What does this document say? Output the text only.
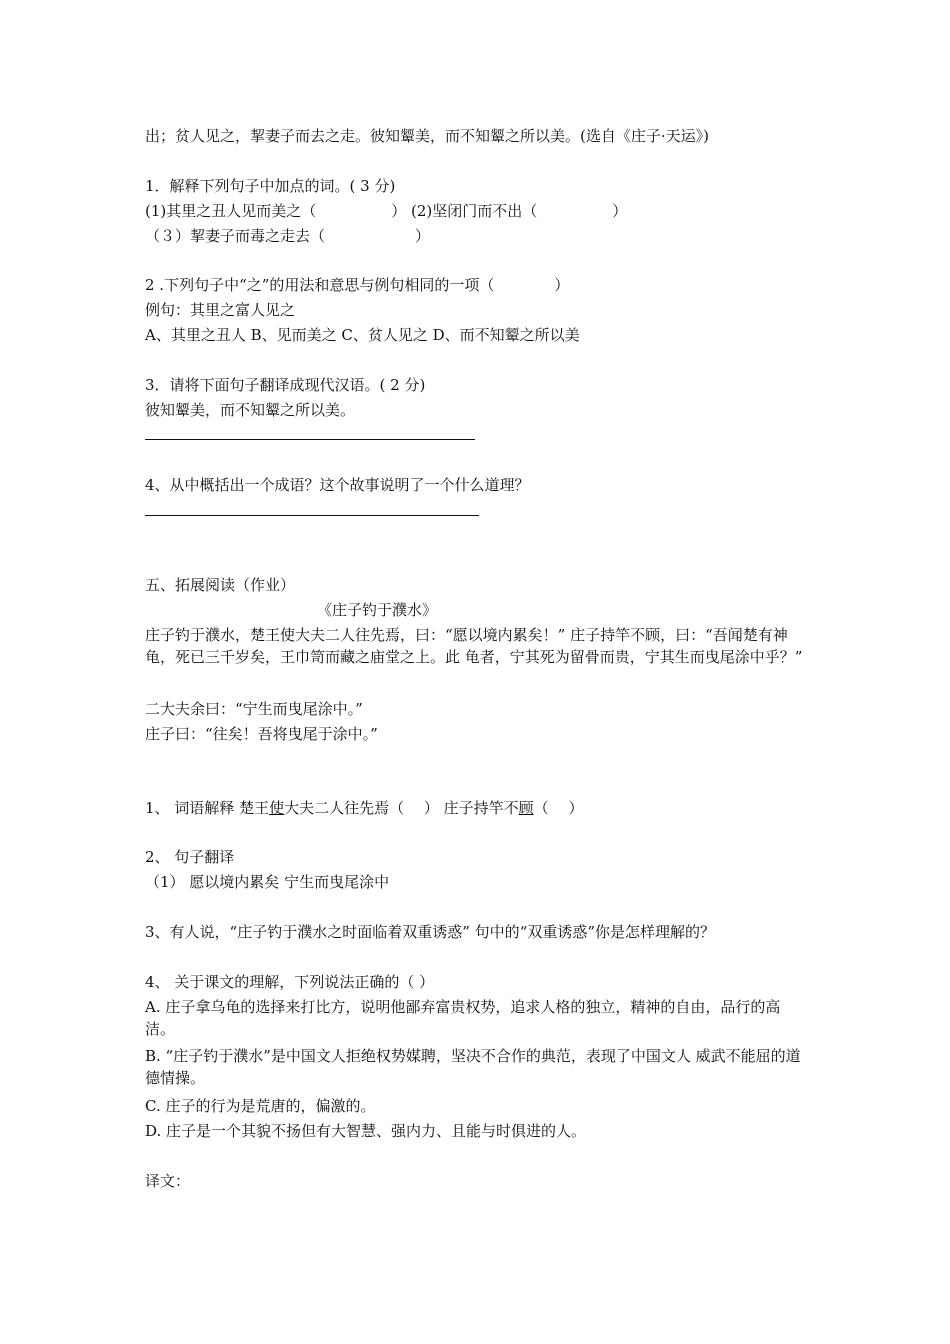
出；贫人见之，挈妻子而去之走。彼知颦美，而不知颦之所以美。(选自《庄子·天运》)
1．解释下列句子中加点的词。( 3 分)
(1)其里之丑人见而美之（　　　　　） (2)坚闭门而不出（　　　　　）
（３）挈妻子而毒之走去（　　　　　　）
2 .下列句子中“之”的用法和意思与例句相同的一项（　　　　）
例句：其里之富人见之
A、其里之丑人 B、见而美之 C、贫人见之 D、而不知颦之所以美
3．请将下面句子翻译成现代汉语。( 2 分)
彼知颦美，而不知颦之所以美。
4、从中概括出一个成语？这个故事说明了一个什么道理？
五、拓展阅读（作业）
《庄子钓于濮水》
庄子钓于濮水，楚王使大夫二人往先焉，曰：“愿以境内累矣！” 庄子持竿不顾，曰：“吾闻楚有神龟，死已三千岁矣，王巾笥而藏之庙堂之上。此 龟者，宁其死为留骨而贵，宁其生而曳尾涂中乎？”
二大夫余曰：“宁生而曳尾涂中。”
庄子曰：“往矣！吾将曳尾于涂中。”
1、 词语解释 楚王使大夫二人往先焉（　 ） 庄子持竿不顾（　 ）
2、 句子翻译
（1） 愿以境内累矣 宁生而曳尾涂中
3、有人说，“庄子钓于濮水之时面临着双重诱惑” 句中的“双重诱惑”你是怎样理解的？
4、 关于课文的理解，下列说法正确的（ ）
A. 庄子拿乌龟的选择来打比方，说明他鄙弃富贵权势，追求人格的独立，精神的自由，品行的高洁。
B. “庄子钓于濮水”是中国文人拒绝权势媒聘，坚决不合作的典范，表现了中国文人 威武不能屈的道德情操。
C. 庄子的行为是荒唐的，偏激的。
D. 庄子是一个其貌不扬但有大智慧、强内力、且能与时俱进的人。
译文：
